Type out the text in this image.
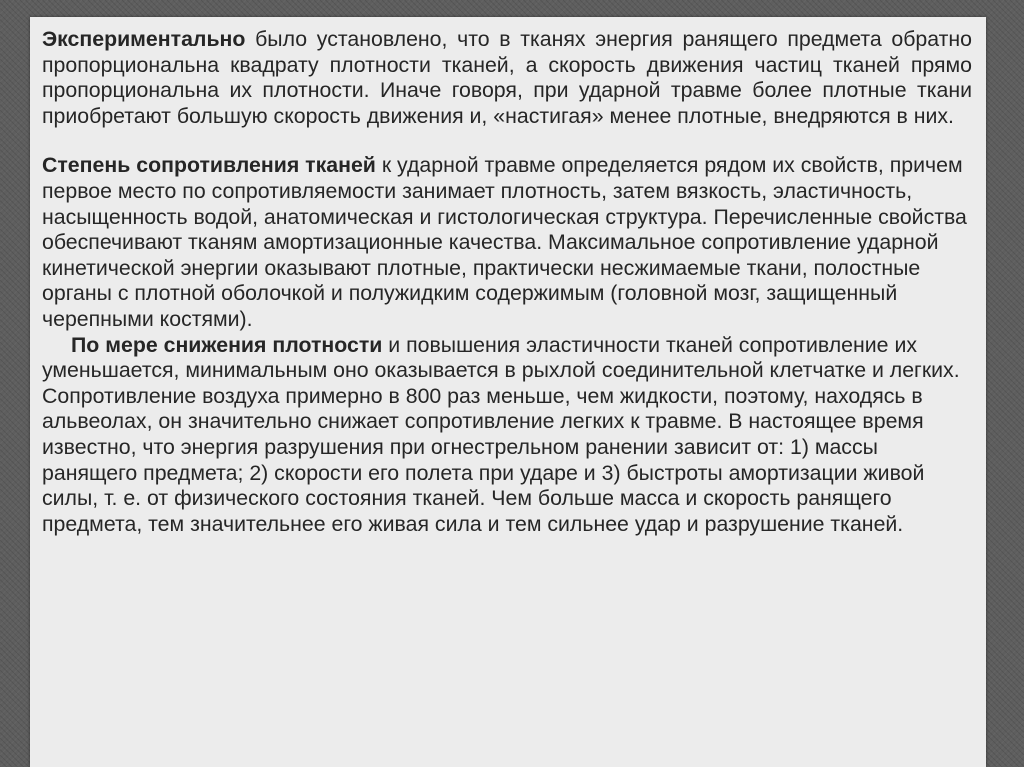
Экспериментально было установлено, что в тканях энергия ранящего предмета обратно пропорциональна квадрату плотности тканей, а скорость движения частиц тканей прямо пропорциональна их плотности. Иначе говоря, при ударной травме более плотные ткани приобретают большую скорость движения и, «настигая» менее плотные, внедряются в них.

Степень сопротивления тканей к ударной травме определяется рядом их свойств, причем первое место по сопротивляемости занимает плотность, затем вязкость, эластичность, насыщенность водой, анатомическая и гистологическая структура. Перечисленные свойства обеспечивают тканям амортизационные качества. Максимальное сопротивление ударной кинетической энергии оказывают плотные, практически несжимаемые ткани, полостные органы с плотной оболочкой и полужидким содержимым (головной мозг, защищенный черепными костями).

По мере снижения плотности и повышения эластичности тканей сопротивление их уменьшается, минимальным оно оказывается в рыхлой соединительной клетчатке и легких. Сопротивление воздуха примерно в 800 раз меньше, чем жидкости, поэтому, находясь в альвеолах, он значительно снижает сопротивление легких к травме. В настоящее время известно, что энергия разрушения при огнестрельном ранении зависит от: 1) массы ранящего предмета; 2) скорости его полета при ударе и 3) быстроты амортизации живой силы, т. е. от физического состояния тканей. Чем больше масса и скорость ранящего предмета, тем значительнее его живая сила и тем сильнее удар и разрушение тканей.
